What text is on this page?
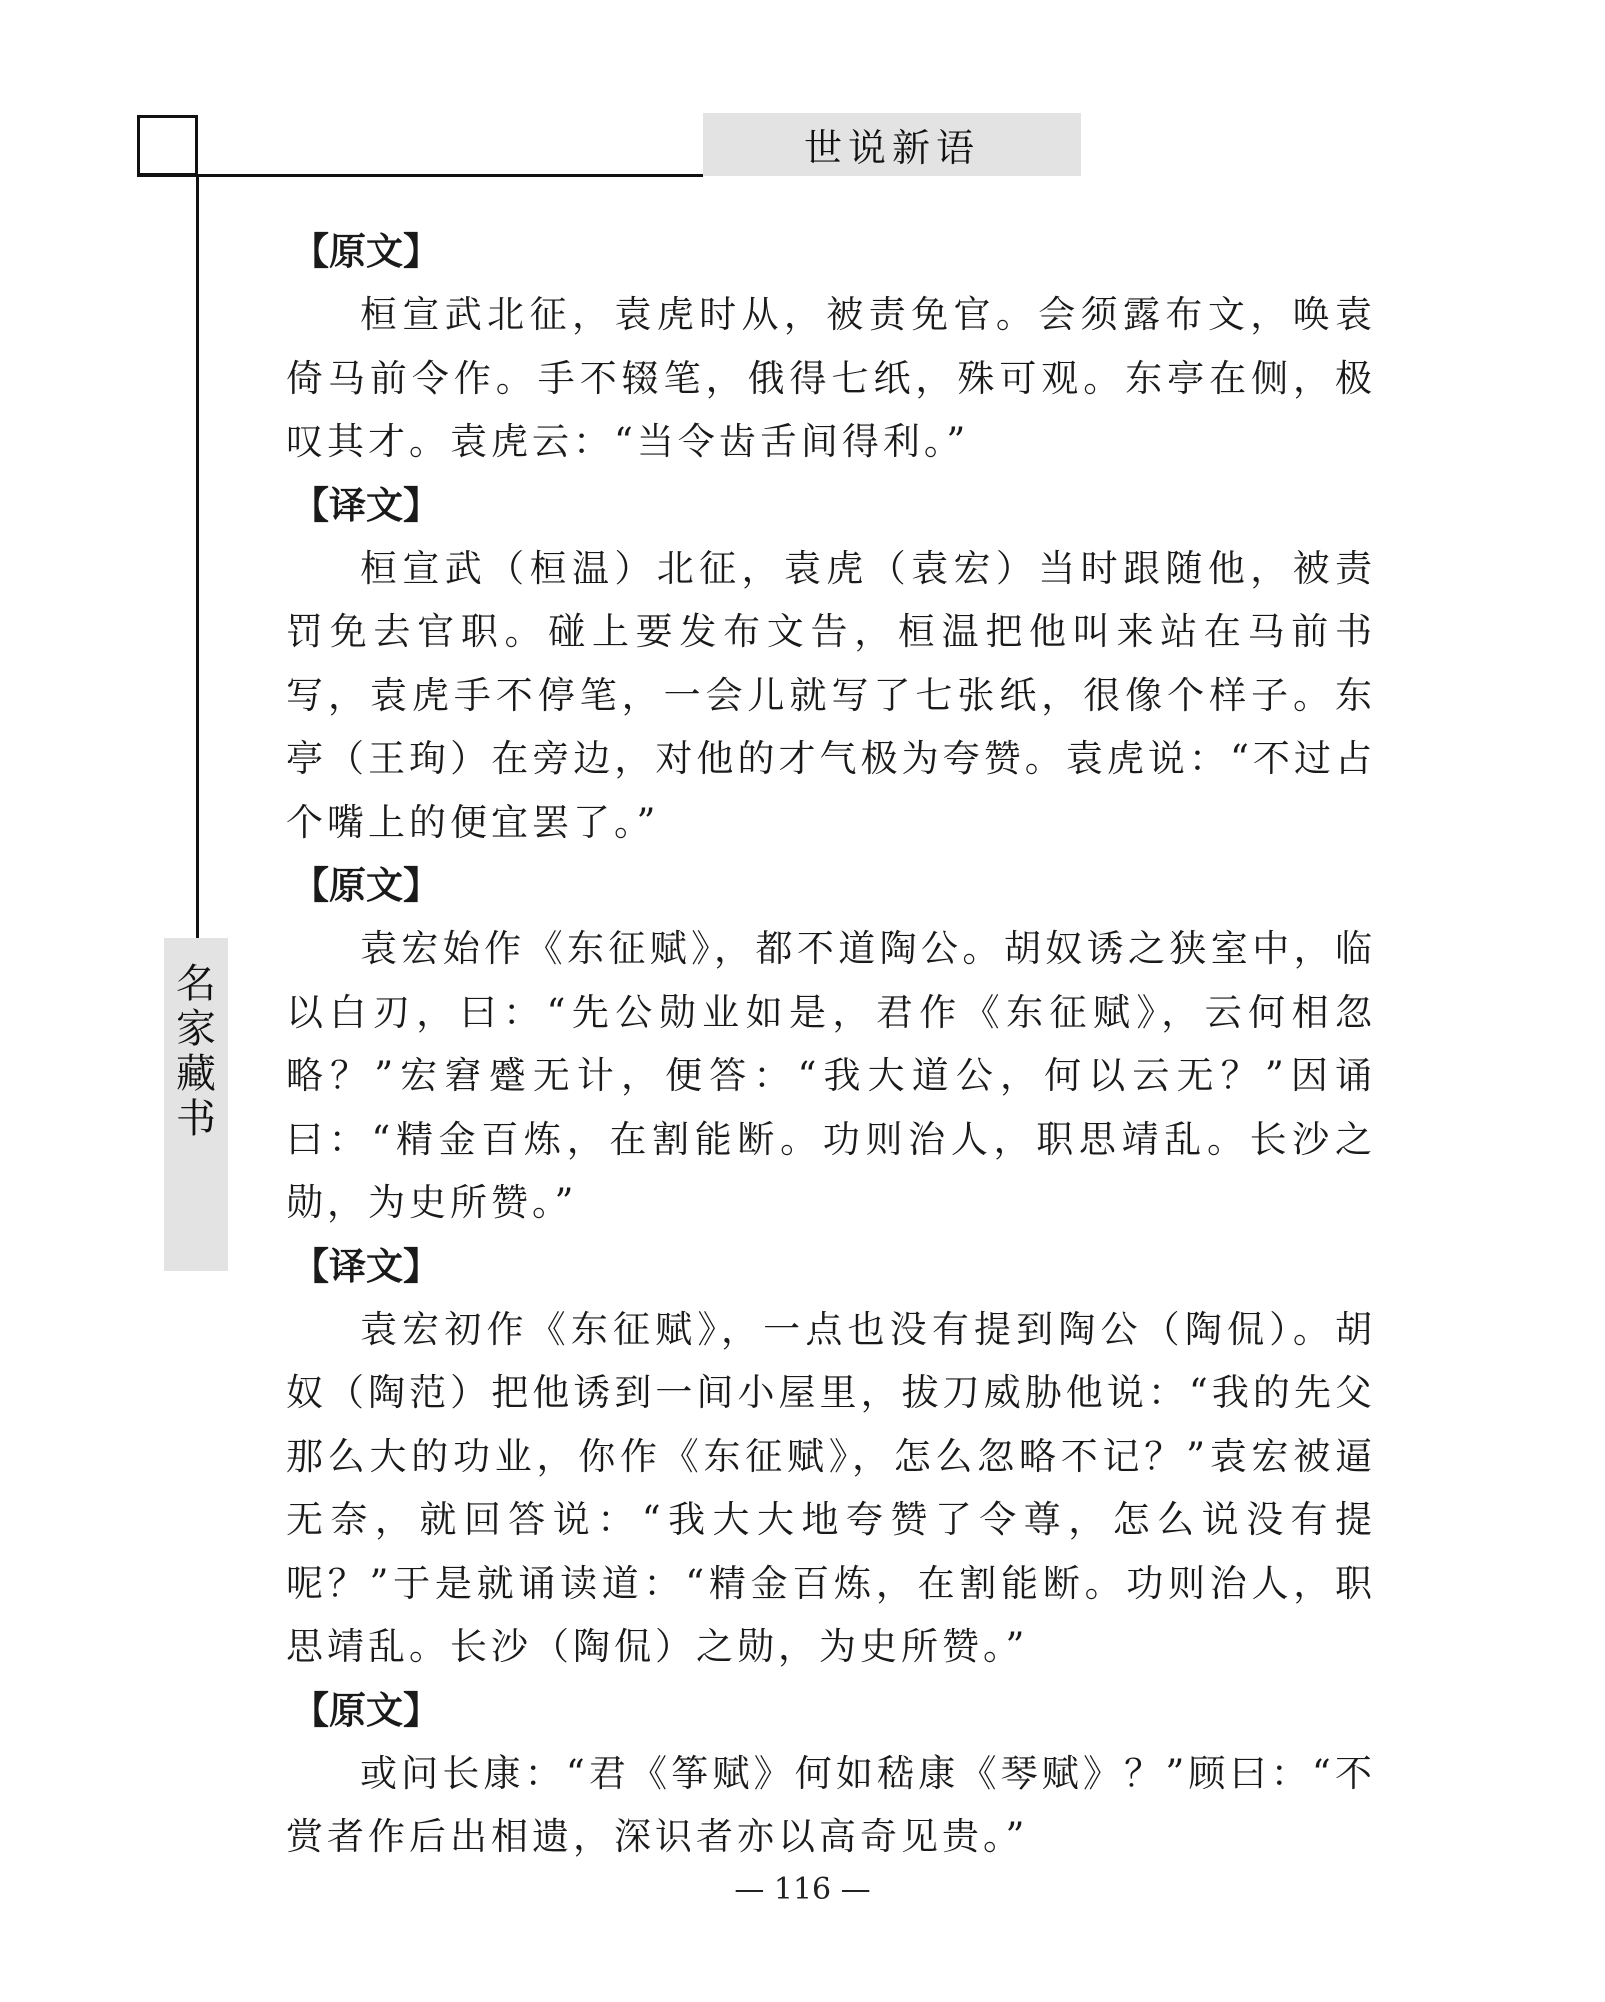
世说新语
名
家
藏
书
【原文】

桓宣武北征，袁虎时从，被责免官。会须露布文，唤袁倚马前令作。手不辍笔，俄得七纸，殊可观。东亭在侧，极叹其才。袁虎云：“当令齿舌间得利。”

【译文】

桓宣武（桓温）北征，袁虎（袁宏）当时跟随他，被责罚免去官职。碰上要发布文告，桓温把他叫来站在马前书写，袁虎手不停笔，一会儿就写了七张纸，很像个样子。东亭（王珣）在旁边，对他的才气极为夸赞。袁虎说：“不过占个嘴上的便宜罢了。”

【原文】

袁宏始作《东征赋》，都不道陶公。胡奴诱之狭室中，临以白刃，曰：“先公勋业如是，君作《东征赋》，云何相忽略？”宏窘蹙无计，便答：“我大道公，何以云无？”因诵曰：“精金百炼，在割能断。功则治人，职思靖乱。长沙之勋，为史所赞。”

【译文】

袁宏初作《东征赋》，一点也没有提到陶公（陶侃）。胡奴（陶范）把他诱到一间小屋里，拔刀威胁他说：“我的先父那么大的功业，你作《东征赋》，怎么忽略不记？”袁宏被逼无奈，就回答说：“我大大地夸赞了令尊，怎么说没有提呢？”于是就诵读道：“精金百炼，在割能断。功则治人，职思靖乱。长沙（陶侃）之勋，为史所赞。”

【原文】

或问长康：“君《筝赋》何如嵇康《琴赋》？”顾曰：“不赏者作后出相遗，深识者亦以高奇见贵。”

— 116 —
